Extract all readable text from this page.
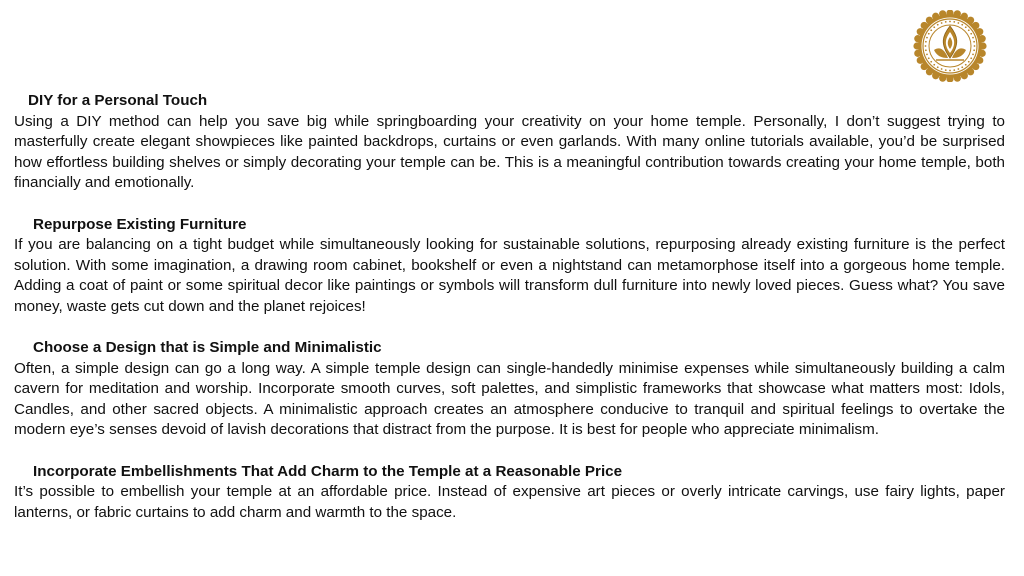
DIY for a Personal Touch

Using a DIY method can help you save big while springboarding your creativity on your home temple. Personally, I don’t suggest trying to masterfully create elegant showpieces like painted backdrops, curtains or even garlands. With many online tutorials available, you’d be surprised how effortless building shelves or simply decorating your temple can be. This is a meaningful contribution towards creating your home temple, both financially and emotionally.

Repurpose Existing Furniture

If you are balancing on a tight budget while simultaneously looking for sustainable solutions, repurposing already existing furniture is the perfect solution. With some imagination, a drawing room cabinet, bookshelf or even a nightstand can metamorphose itself into a gorgeous home temple. Adding a coat of paint or some spiritual decor like paintings or symbols will transform dull furniture into newly loved pieces. Guess what? You save money, waste gets cut down and the planet rejoices!

Choose a Design that is Simple and Minimalistic

Often, a simple design can go a long way. A simple temple design can single-handedly minimise expenses while simultaneously building a calm cavern for meditation and worship. Incorporate smooth curves, soft palettes, and simplistic frameworks that showcase what matters most: Idols, Candles, and other sacred objects. A minimalistic approach creates an atmosphere conducive to tranquil and spiritual feelings to overtake the modern eye’s senses devoid of lavish decorations that distract from the purpose. It is best for people who appreciate minimalism.

Incorporate Embellishments That Add Charm to the Temple at a Reasonable Price

It’s possible to embellish your temple at an affordable price. Instead of expensive art pieces or overly intricate carvings, use fairy lights, paper lanterns, or fabric curtains to add charm and warmth to the space.
